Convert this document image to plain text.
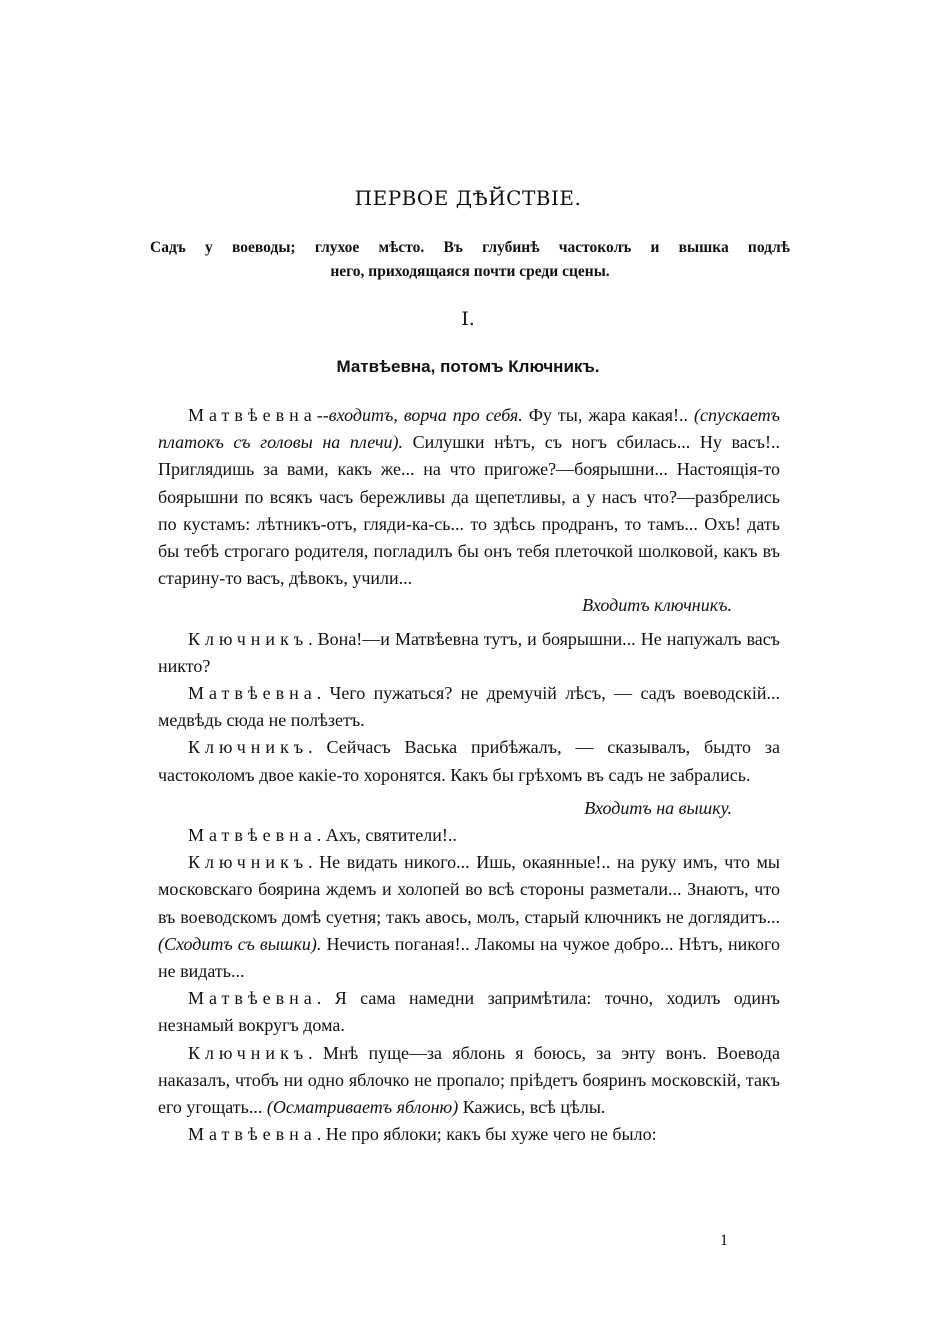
ПЕРВОЕ ДѢЙСТВІЕ.
Садъ у воеводы; глухое мѣсто. Въ глубинѣ частоколъ и вышка подлѣ
него, приходящаяся почти среди сцены.
I.
Матвѣевна, потомъ Ключникъ.

Матвѣевна--входитъ, ворча про себя. Фу ты, жара какая!.. (спускаетъ платокъ съ головы на плечи). Силушки нѣтъ, съ ногъ сбилась... Ну васъ!.. Приглядишь за вами, какъ же... на что пригоже?—боярышни... Настоящія-то боярышни по всякъ часъ бережливы да щепетливы, а у насъ что?—разбрелись по кустамъ: лѣтникъ-отъ, гляди-ка-сь... то здѣсь продранъ, то тамъ... Охъ! дать бы тебѣ строгаго родителя, погладилъ бы онъ тебя плеточкой шолковой, какъ въ старину-то васъ, дѣвокъ, учили...

Входитъ ключникъ.

Ключникъ. Вона!—и Матвѣевна тутъ, и боярышни... Не напужалъ васъ никто?

Матвѣевна. Чего пужаться? не дремучій лѣсъ, — садъ воеводскій... медвѣдь сюда не полѣзетъ.

Ключникъ. Сейчасъ Васька прибѣжалъ, — сказывалъ, быдто за частоколомъ двое какіе-то хоронятся. Какъ бы грѣхомъ въ садъ не забрались.

Входитъ на вышку.

Матвѣевна. Ахъ, святители!..

Ключникъ. Не видать никого... Ишь, окаянные!.. на руку имъ, что мы московскаго боярина ждемъ и холопей во всѣ стороны разметали... Знаютъ, что въ воеводскомъ домѣ суетня; такъ авось, молъ, старый ключникъ не доглядитъ... (Сходитъ съ вышки). Нечисть поганая!.. Лакомы на чужое добро... Нѣтъ, никого не видать...

Матвѣевна. Я сама намедни запримѣтила: точно, ходилъ одинъ незнамый вокругъ дома.

Ключникъ. Мнѣ пуще—за яблонь я боюсь, за энту вонъ. Воевода наказалъ, чтобъ ни одно яблочко не пропало; пріѣдетъ бояринъ московскій, такъ его угощать... (Осматриваетъ яблоню) Кажись, всѣ цѣлы.

Матвѣевна. Не про яблоки; какъ бы хуже чего не было:

1
